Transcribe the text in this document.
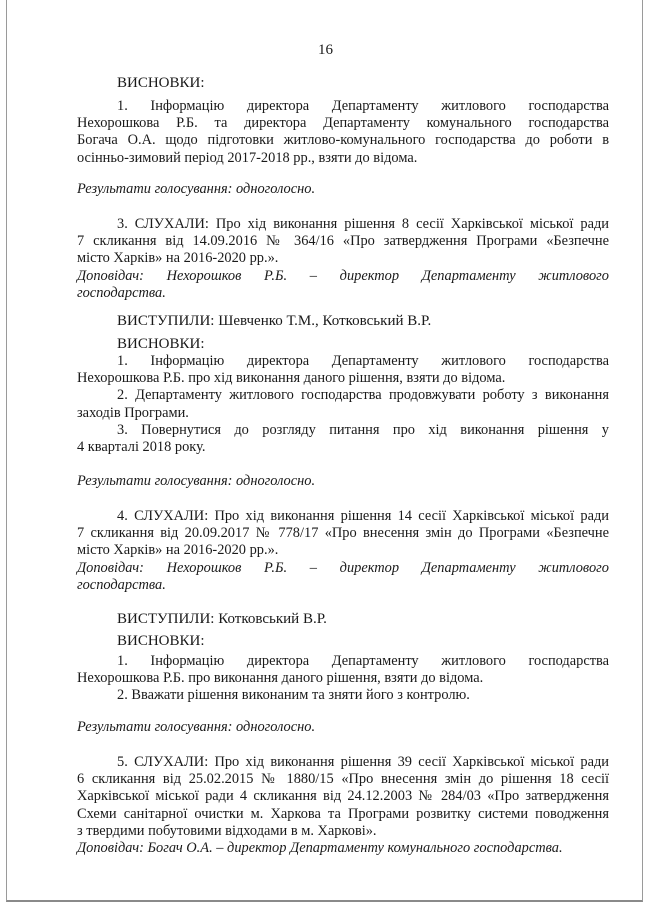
16
ВИСНОВКИ:
1. Інформацію директора Департаменту житлового господарства
Нехорошкова Р.Б. та директора Департаменту комунального господарства
Богача О.А. щодо підготовки житлово-комунального господарства до роботи в
осінньо-зимовий період 2017-2018 рр., взяти до відома.
Результати голосування: одноголосно.
3. СЛУХАЛИ: Про хід виконання рішення 8 сесії Харківської міської ради
7 скликання від 14.09.2016 № 364/16 «Про затвердження Програми «Безпечне
місто Харків» на 2016-2020 рр.».
Доповідач: Нехорошков Р.Б. – директор Департаменту житлового
господарства.
ВИСТУПИЛИ: Шевченко Т.М., Котковський В.Р.
ВИСНОВКИ:
1. Інформацію директора Департаменту житлового господарства
Нехорошкова Р.Б. про хід виконання даного рішення, взяти до відома.
2. Департаменту житлового господарства продовжувати роботу з виконання
заходів Програми.
3. Повернутися до розгляду питання про хід виконання рішення у
4 кварталі 2018 року.
Результати голосування: одноголосно.
4. СЛУХАЛИ: Про хід виконання рішення 14 сесії Харківської міської ради
7 скликання від 20.09.2017 № 778/17 «Про внесення змін до Програми «Безпечне
місто Харків» на 2016-2020 рр.».
Доповідач: Нехорошков Р.Б. – директор Департаменту житлового
господарства.
ВИСТУПИЛИ: Котковський В.Р.
ВИСНОВКИ:
1. Інформацію директора Департаменту житлового господарства
Нехорошкова Р.Б. про виконання даного рішення, взяти до відома.
2. Вважати рішення виконаним та зняти його з контролю.
Результати голосування: одноголосно.
5. СЛУХАЛИ: Про хід виконання рішення 39 сесії Харківської міської ради
6 скликання від 25.02.2015 № 1880/15 «Про внесення змін до рішення 18 сесії
Харківської міської ради 4 скликання від 24.12.2003 № 284/03 «Про затвердження
Схеми санітарної очистки м. Харкова та Програми розвитку системи поводження
з твердими побутовими відходами в м. Харкові».
Доповідач: Богач О.А. – директор Департаменту комунального господарства.
